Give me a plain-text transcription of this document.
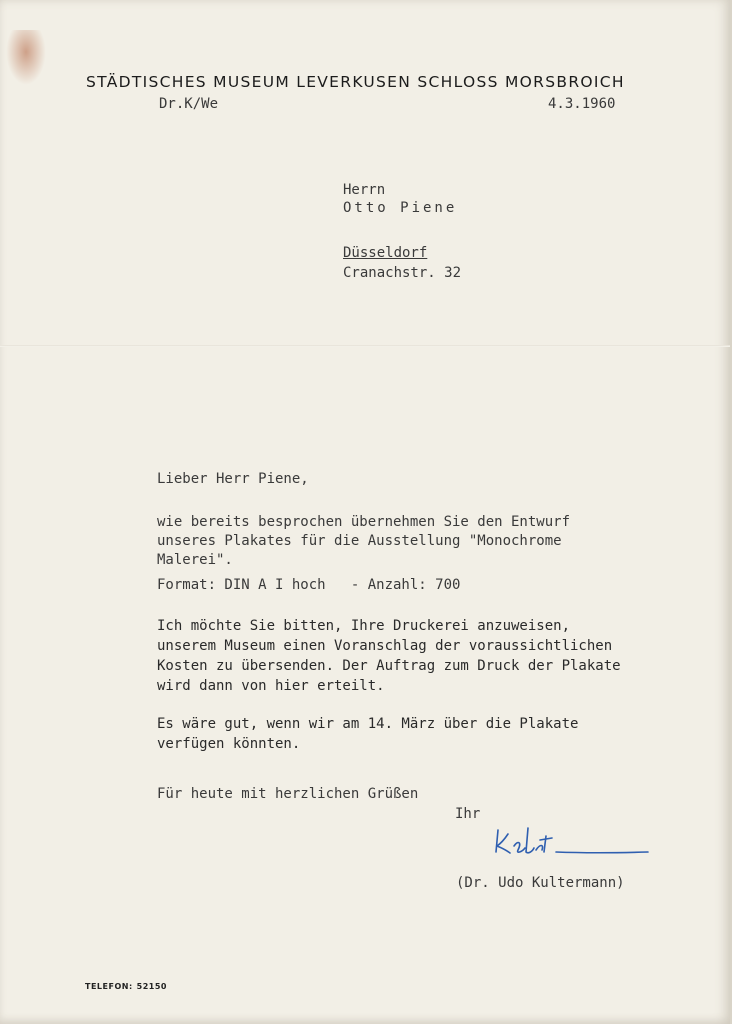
STÄDTISCHES MUSEUM LEVERKUSEN SCHLOSS MORSBROICH
Dr.K/We	4.3.1960
Herrn
Otto Piene
Düsseldorf
Cranachstr. 32
Lieber Herr Piene,
wie bereits besprochen übernehmen Sie den Entwurf
unseres Plakates für die Ausstellung "Monochrome
Malerei".
Format: DIN A I hoch   - Anzahl: 700
Ich möchte Sie bitten, Ihre Druckerei anzuweisen,
unserem Museum einen Voranschlag der voraussichtlichen
Kosten zu übersenden. Der Auftrag zum Druck der Plakate
wird dann von hier erteilt.
Es wäre gut, wenn wir am 14. März über die Plakate
verfügen könnten.
Für heute mit herzlichen Grüßen
Ihr
(Dr. Udo Kultermann)
TELEFON: 52150
